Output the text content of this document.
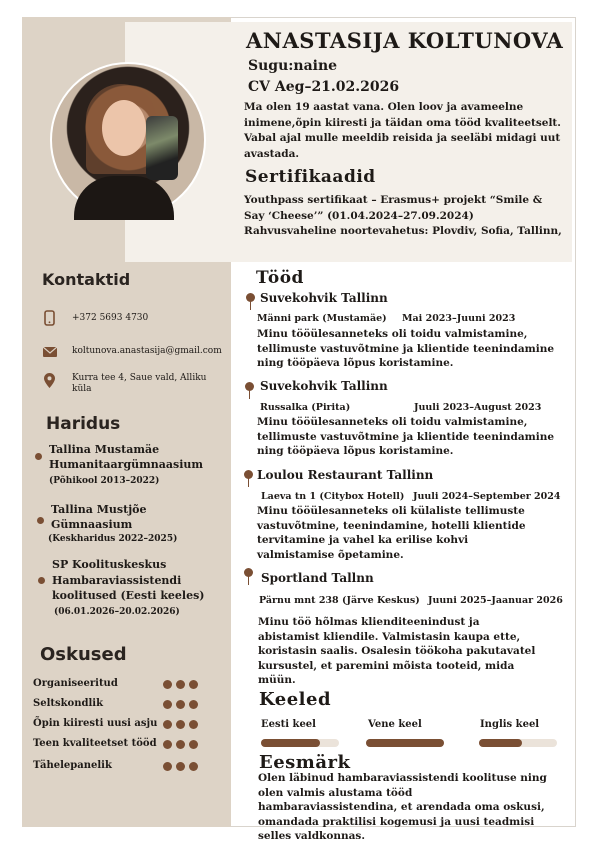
ANASTASIJA KOLTUNOVA
Sugu:naine
CV Aeg–21.02.2026
Ma olen 19 aastat vana. Olen loov ja avameelne inimene,õpin kiiresti ja täidan oma tööd kvaliteetselt. Vabal ajal mulle meeldib reisida ja seeläbi midagi uut avastada.
Sertifikaadid
Youthpass sertifikaat – Erasmus+ projekt “Smile & Say ‘Cheese’” (01.04.2024–27.09.2024) Rahvusvaheline noortevahetus: Plovdiv, Sofia, Tallinn,
Kontaktid
+372 5693 4730
koltunova.anastasija@gmail.com
Kurra tee 4, Saue vald, Alliku küla
Haridus
Tallina Mustamäe Humanitaargümnaasium
(Põhikool 2013–2022)
Tallina Mustjõe Gümnaasium
(Keskharidus 2022–2025)
SP Koolituskeskus Hambaraviassistendi koolitused (Eesti keeles)
(06.01.2026–20.02.2026)
Oskused
Organiseeritud
Seltskondlik
Õpin kiiresti uusi asju
Teen kvaliteetset tööd
Tähelepanelik
Tööd
Suvekohvik Tallinn
Männi park (Mustamäe) Mai 2023–Juuni 2023
Minu tööülesanneteks oli toidu valmistamine, tellimuste vastuvõtmine ja klientide teenindamine ning tööpäeva lõpus koristamine.
Suvekohvik Tallinn
Russalka (Pirita)	Juuli 2023–August 2023
Minu tööülesanneteks oli toidu valmistamine, tellimuste vastuvõtmine ja klientide teenindamine ning tööpäeva lõpus koristamine.
Loulou Restaurant Tallinn
Laeva tn 1 (Citybox Hotell) Juuli 2024–September 2024
Minu tööülesanneteks oli külaliste tellimuste vastuvõtmine, teenindamine, hotelli klientide tervitamine ja vahel ka erilise kohvi valmistamise õpetamine.
Sportland Tallnn
Pärnu mnt 238 (Järve Keskus) Juuni 2025–Jaanuar 2026
Minu töö hõlmas klienditeenindust ja abistamist kliendile. Valmistasin kaupa ette, koristasin saalis. Osalesin töökoha pakutavatel kursustel, et paremini mõista tooteid, mida müün.
Keeled
Eesti keel	Vene keel	Inglis keel
Eesmärk
Olen läbinud hambaraviassistendi koolituse ning olen valmis alustama tööd hambaraviassistendina, et arendada oma oskusi, omandada praktilisi kogemusi ja uusi teadmisi selles valdkonnas.
